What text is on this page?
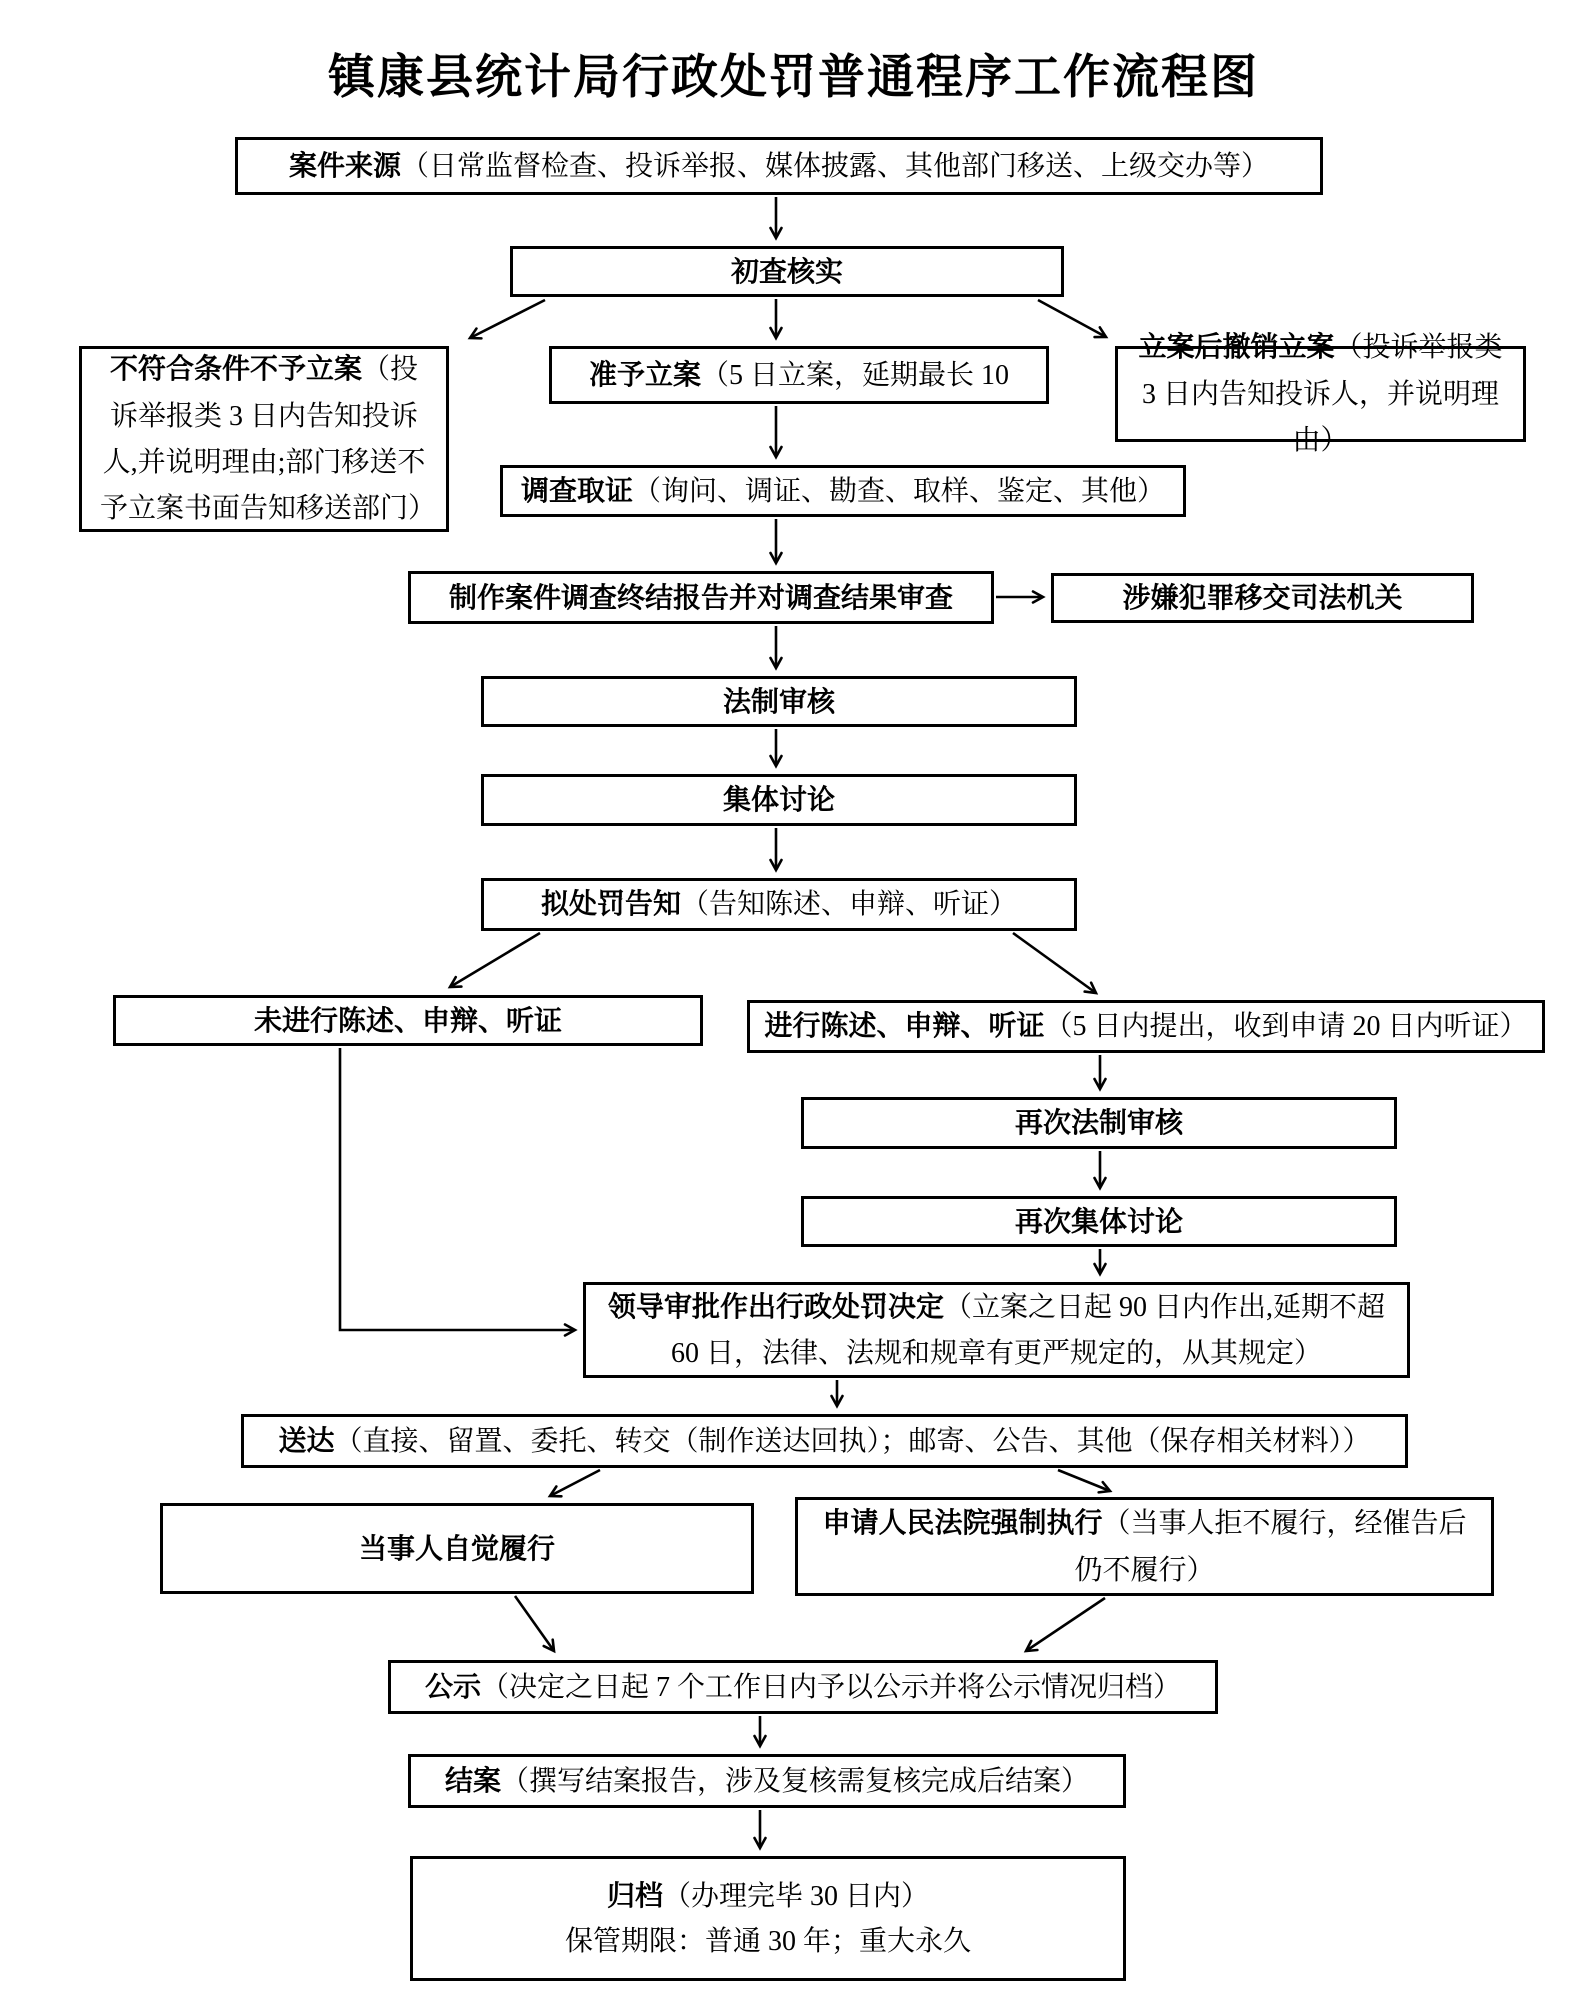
镇康县统计局行政处罚普通程序工作流程图
案件来源（日常监督检查、投诉举报、媒体披露、其他部门移送、上级交办等）
初查核实
不符合条件不予立案（投诉举报类 3 日内告知投诉人,并说明理由;部门移送不予立案书面告知移送部门）
准予立案（5 日立案，延期最长 10
立案后撤销立案（投诉举报类 3 日内告知投诉人，并说明理由）
调查取证（询问、调证、勘查、取样、鉴定、其他）
制作案件调查终结报告并对调查结果审查	涉嫌犯罪移交司法机关
法制审核
集体讨论
拟处罚告知（告知陈述、申辩、听证）
未进行陈述、申辩、听证	进行陈述、申辩、听证（5 日内提出，收到申请 20 日内听证）
再次法制审核
再次集体讨论
领导审批作出行政处罚决定（立案之日起 90 日内作出,延期不超 60 日，法律、法规和规章有更严规定的，从其规定）
送达（直接、留置、委托、转交（制作送达回执）；邮寄、公告、其他（保存相关材料））
当事人自觉履行
申请人民法院强制执行（当事人拒不履行，经催告后仍不履行）
公示（决定之日起 7 个工作日内予以公示并将公示情况归档）
结案（撰写结案报告，涉及复核需复核完成后结案）
归档（办理完毕 30 日内）
保管期限：普通 30 年；重大永久
